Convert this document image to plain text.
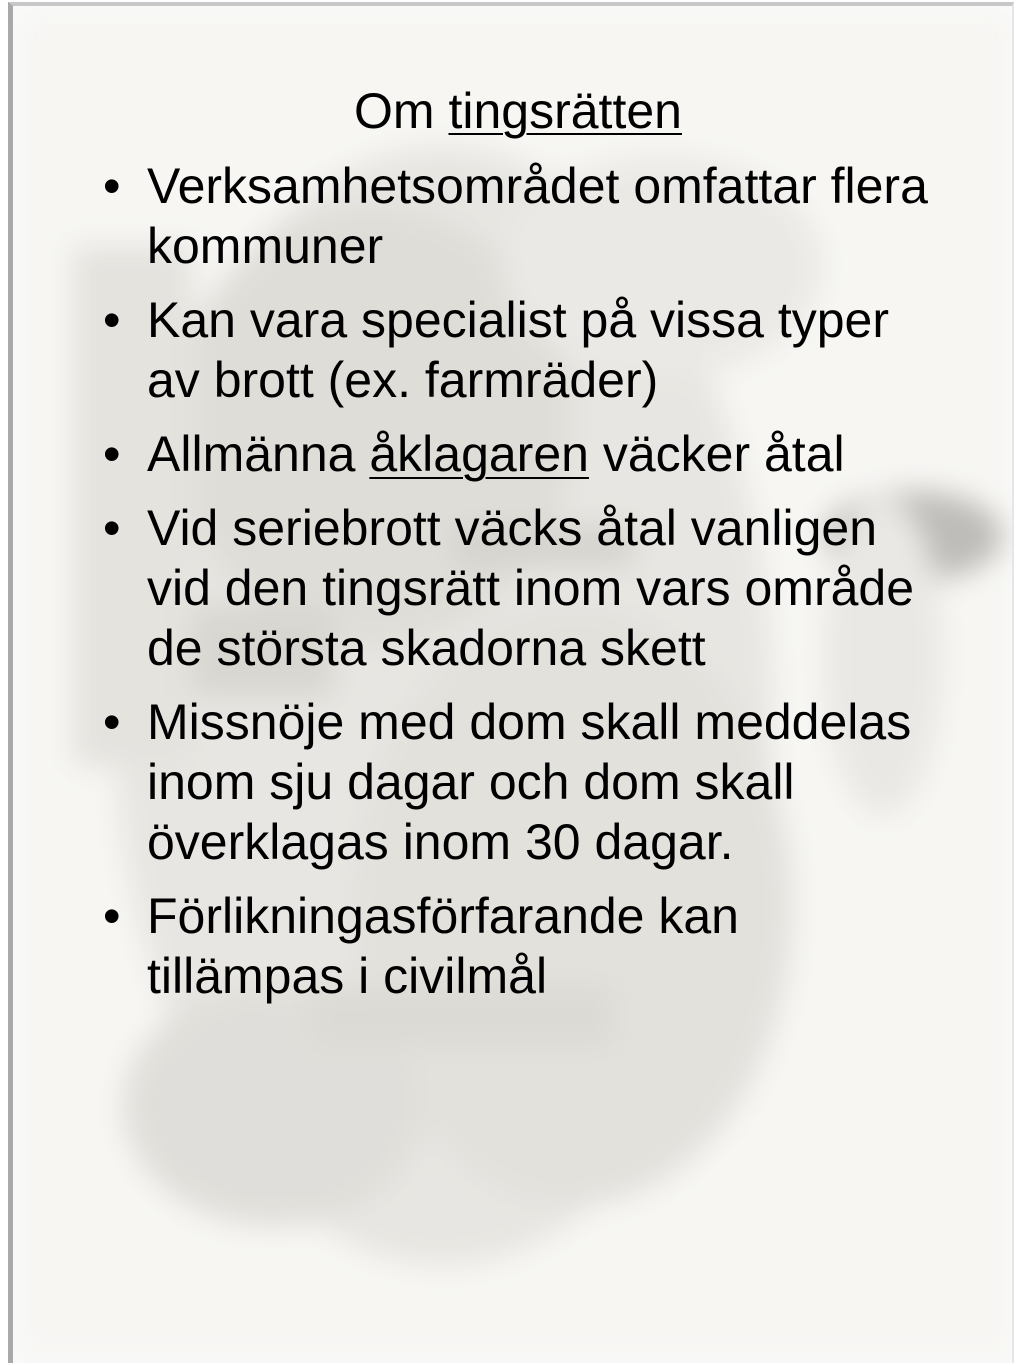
Om tingsrätten
• Verksamhetsområdet omfattar flera kommuner
• Kan vara specialist på vissa typer av brott (ex. farmräder)
• Allmänna åklagaren väcker åtal
• Vid seriebrott väcks åtal vanligen vid den tingsrätt inom vars område de största skadorna skett
• Missnöje med dom skall meddelas inom sju dagar och dom skall överklagas inom 30 dagar.
• Förlikningasförfarande kan tillämpas i civilmål
